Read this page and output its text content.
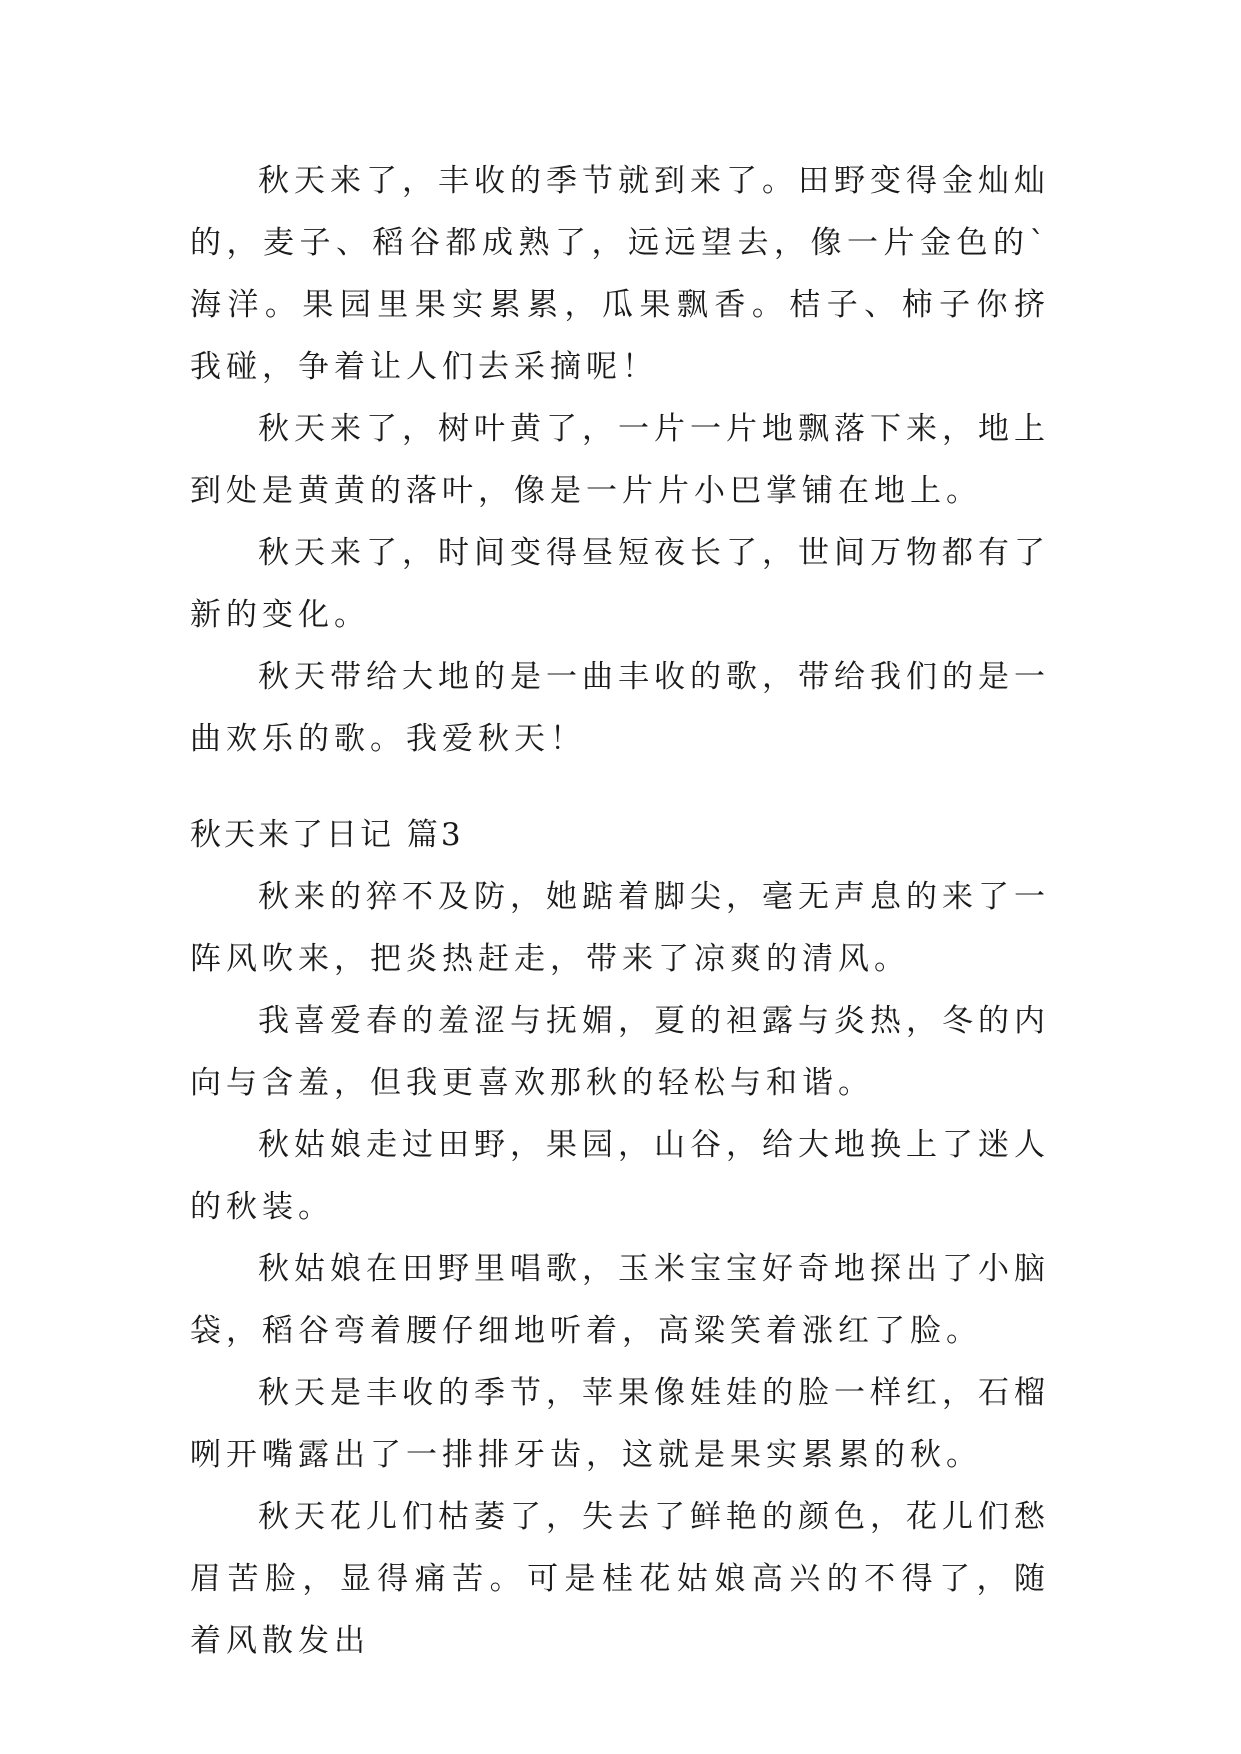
秋天来了，丰收的季节就到来了。田野变得金灿灿的，麦子、稻谷都成熟了，远远望去，像一片金色的`海洋。果园里果实累累，瓜果飘香。桔子、柿子你挤我碰，争着让人们去采摘呢！

秋天来了，树叶黄了，一片一片地飘落下来，地上到处是黄黄的落叶，像是一片片小巴掌铺在地上。

秋天来了，时间变得昼短夜长了，世间万物都有了新的变化。

秋天带给大地的是一曲丰收的歌，带给我们的是一曲欢乐的歌。我爱秋天！

秋天来了日记 篇3

秋来的猝不及防，她踮着脚尖，毫无声息的来了一阵风吹来，把炎热赶走，带来了凉爽的清风。

我喜爱春的羞涩与抚媚，夏的袒露与炎热，冬的内向与含羞，但我更喜欢那秋的轻松与和谐。

秋姑娘走过田野，果园，山谷，给大地换上了迷人的秋装。

秋姑娘在田野里唱歌，玉米宝宝好奇地探出了小脑袋，稻谷弯着腰仔细地听着，高粱笑着涨红了脸。

秋天是丰收的季节，苹果像娃娃的脸一样红，石榴咧开嘴露出了一排排牙齿，这就是果实累累的秋。

秋天花儿们枯萎了，失去了鲜艳的颜色，花儿们愁眉苦脸，显得痛苦。可是桂花姑娘高兴的不得了，随着风散发出
